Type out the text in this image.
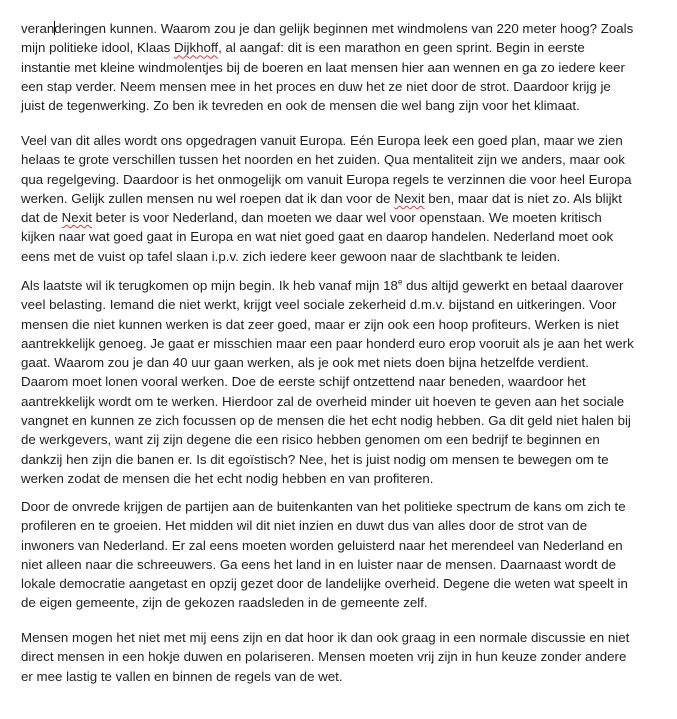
veranderingen kunnen. Waarom zou je dan gelijk beginnen met windmolens van 220 meter hoog? Zoals
mijn politieke idool, Klaas Dijkhoff, al aangaf: dit is een marathon en geen sprint. Begin in eerste
instantie met kleine windmolentjes bij de boeren en laat mensen hier aan wennen en ga zo iedere keer
een stap verder. Neem mensen mee in het proces en duw het ze niet door de strot. Daardoor krijg je
juist de tegenwerking. Zo ben ik tevreden en ook de mensen die wel bang zijn voor het klimaat.
Veel van dit alles wordt ons opgedragen vanuit Europa. Eén Europa leek een goed plan, maar we zien
helaas te grote verschillen tussen het noorden en het zuiden. Qua mentaliteit zijn we anders, maar ook
qua regelgeving. Daardoor is het onmogelijk om vanuit Europa regels te verzinnen die voor heel Europa
werken. Gelijk zullen mensen nu wel roepen dat ik dan voor de Nexit ben, maar dat is niet zo. Als blijkt
dat de Nexit beter is voor Nederland, dan moeten we daar wel voor openstaan. We moeten kritisch
kijken naar wat goed gaat in Europa en wat niet goed gaat en daarop handelen. Nederland moet ook
eens met de vuist op tafel slaan i.p.v. zich iedere keer gewoon naar de slachtbank te leiden.
Als laatste wil ik terugkomen op mijn begin. Ik heb vanaf mijn 18e dus altijd gewerkt en betaal daarover
veel belasting. Iemand die niet werkt, krijgt veel sociale zekerheid d.m.v. bijstand en uitkeringen. Voor
mensen die niet kunnen werken is dat zeer goed, maar er zijn ook een hoop profiteurs. Werken is niet
aantrekkelijk genoeg. Je gaat er misschien maar een paar honderd euro erop vooruit als je aan het werk
gaat. Waarom zou je dan 40 uur gaan werken, als je ook met niets doen bijna hetzelfde verdient.
Daarom moet lonen vooral werken. Doe de eerste schijf ontzettend naar beneden, waardoor het
aantrekkelijk wordt om te werken. Hierdoor zal de overheid minder uit hoeven te geven aan het sociale
vangnet en kunnen ze zich focussen op de mensen die het echt nodig hebben. Ga dit geld niet halen bij
de werkgevers, want zij zijn degene die een risico hebben genomen om een bedrijf te beginnen en
dankzij hen zijn die banen er. Is dit egoïstisch? Nee, het is juist nodig om mensen te bewegen om te
werken zodat de mensen die het echt nodig hebben en van profiteren.
Door de onvrede krijgen de partijen aan de buitenkanten van het politieke spectrum de kans om zich te
profileren en te groeien. Het midden wil dit niet inzien en duwt dus van alles door de strot van de
inwoners van Nederland. Er zal eens moeten worden geluisterd naar het merendeel van Nederland en
niet alleen naar die schreeuwers. Ga eens het land in en luister naar de mensen. Daarnaast wordt de
lokale democratie aangetast en opzij gezet door de landelijke overheid. Degene die weten wat speelt in
de eigen gemeente, zijn de gekozen raadsleden in de gemeente zelf.
Mensen mogen het niet met mij eens zijn en dat hoor ik dan ook graag in een normale discussie en niet
direct mensen in een hokje duwen en polariseren. Mensen moeten vrij zijn in hun keuze zonder andere
er mee lastig te vallen en binnen de regels van de wet.
